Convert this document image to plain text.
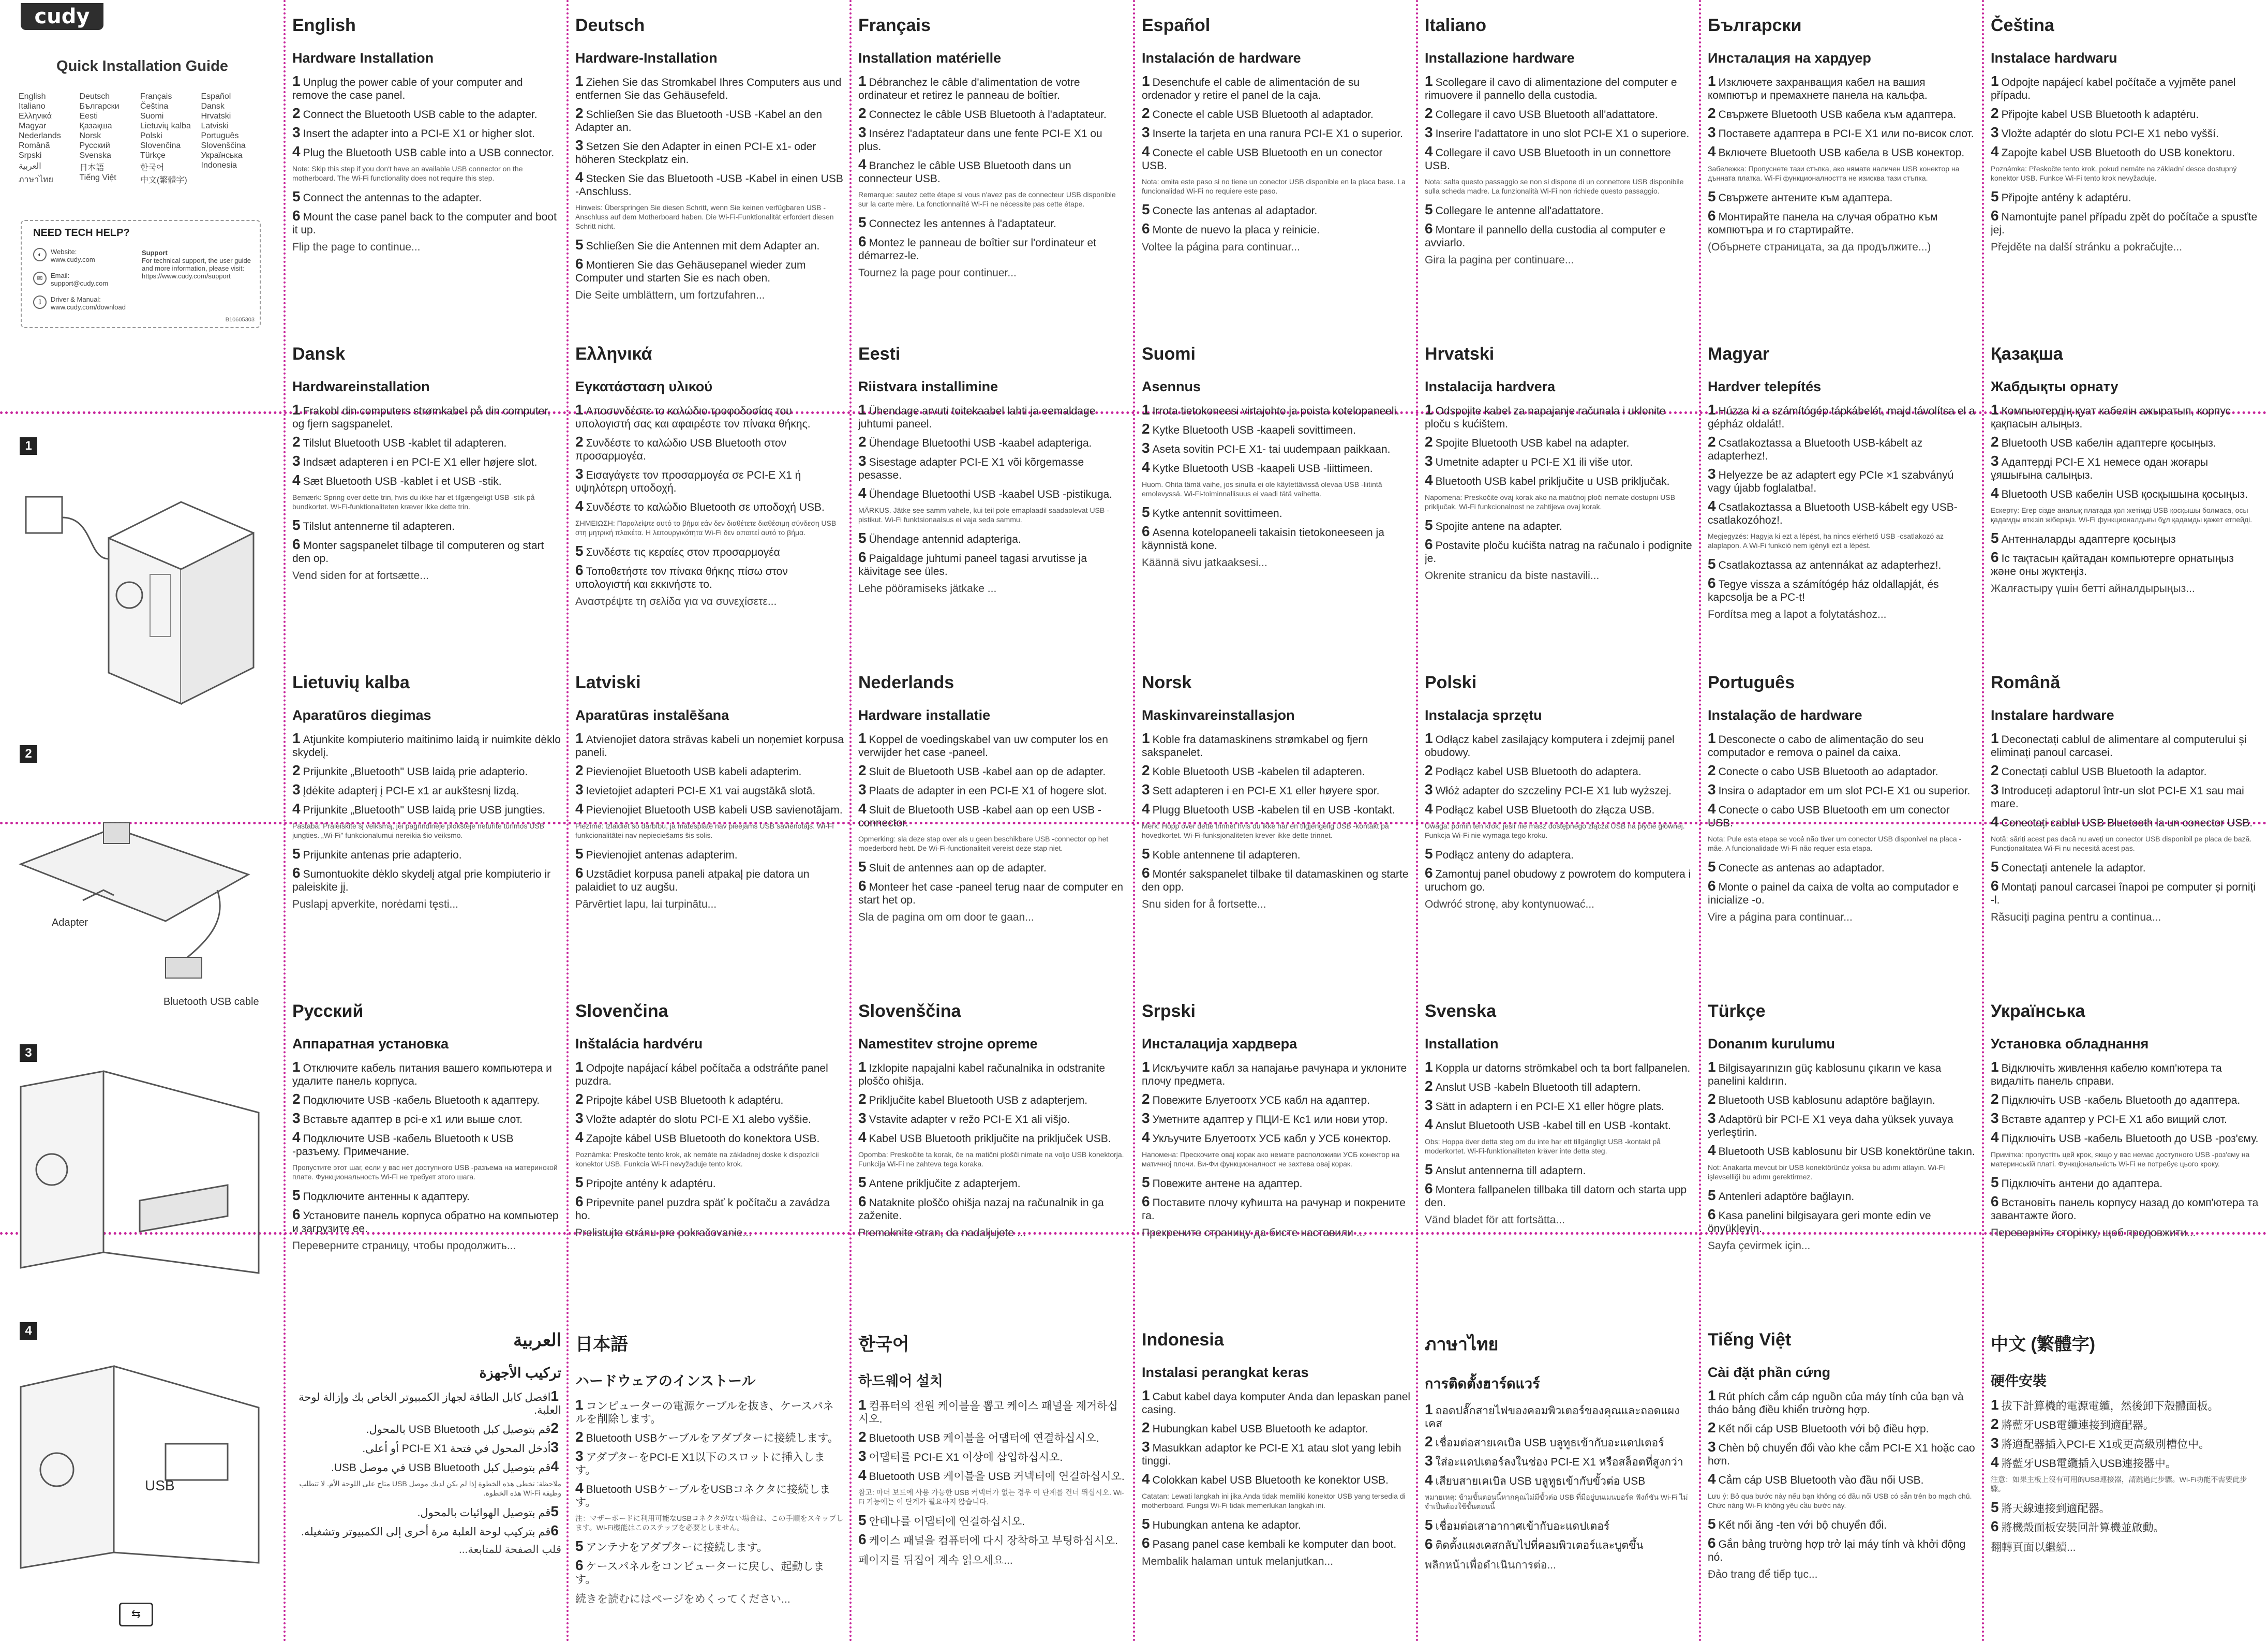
cudy
Quick Installation Guide
English	Deutsch	Français	Español
Italiano	Български	Čeština	Dansk
Ελληνικά	Eesti	Suomi	Hrvatski
Magyar	Қазақша	Lietuvių kalba	Latviski
Nederlands	Norsk	Polski	Português
Română	Русский	Slovenčina	Slovenščina
Srpski	Svenska	Türkçe	Українська
العربية	日本語	한국어	Indonesia
ภาษาไทย	Tiếng Việt	中文(繁體字)
NEED TECH HELP?
◐	Website:
www.cudy.com
✉	Email:
support@cudy.com
⇩	Driver & Manual:
www.cudy.com/download
Support
For technical support, the user guide and more information, please visit: https://www.cudy.com/support
B10605303
1
2
Adapter
Bluetooth USB cable
3
4
USB
⇆
English
Hardware Installation
1 Unplug the power cable of your computer and remove the case panel.
2 Connect the Bluetooth USB cable to the adapter.
3 Insert the adapter into a PCI-E X1 or higher slot.
4 Plug the Bluetooth USB cable into a USB connector.
Note: Skip this step if you don't have an available USB connector on the motherboard. The Wi-Fi functionality does not require this step.
5 Connect the antennas to the adapter.
6 Mount the case panel back to the computer and boot it up.
Flip the page to continue...
Deutsch
Hardware-Installation
1 Ziehen Sie das Stromkabel Ihres Computers aus und entfernen Sie das Gehäusefeld.
2 Schließen Sie das Bluetooth -USB -Kabel an den Adapter an.
3 Setzen Sie den Adapter in einen PCI-E x1- oder höheren Steckplatz ein.
4 Stecken Sie das Bluetooth -USB -Kabel in einen USB -Anschluss.
Hinweis: Überspringen Sie diesen Schritt, wenn Sie keinen verfügbaren USB -Anschluss auf dem Motherboard haben. Die Wi-Fi-Funktionalität erfordert diesen Schritt nicht.
5 Schließen Sie die Antennen mit dem Adapter an.
6 Montieren Sie das Gehäusepanel wieder zum Computer und starten Sie es nach oben.
Die Seite umblättern, um fortzufahren...
Français
Installation matérielle
1 Débranchez le câble d'alimentation de votre ordinateur et retirez le panneau de boîtier.
2 Connectez le câble USB Bluetooth à l'adaptateur.
3 Insérez l'adaptateur dans une fente PCI-E X1 ou plus.
4 Branchez le câble USB Bluetooth dans un connecteur USB.
Remarque: sautez cette étape si vous n'avez pas de connecteur USB disponible sur la carte mère. La fonctionnalité Wi-Fi ne nécessite pas cette étape.
5 Connectez les antennes à l'adaptateur.
6 Montez le panneau de boîtier sur l'ordinateur et démarrez-le.
Tournez la page pour continuer...
Español
Instalación de hardware
1 Desenchufe el cable de alimentación de su ordenador y retire el panel de la caja.
2 Conecte el cable USB Bluetooth al adaptador.
3 Inserte la tarjeta en una ranura PCI-E X1 o superior.
4 Conecte el cable USB Bluetooth en un conector USB.
Nota: omita este paso si no tiene un conector USB disponible en la placa base. La funcionalidad Wi-Fi no requiere este paso.
5 Conecte las antenas al adaptador.
6 Monte de nuevo la placa y reinicie.
Voltee la página para continuar...
Italiano
Installazione hardware
1 Scollegare il cavo di alimentazione del computer e rimuovere il pannello della custodia.
2 Collegare il cavo USB Bluetooth all'adattatore.
3 Inserire l'adattatore in uno slot PCI-E X1 o superiore.
4 Collegare il cavo USB Bluetooth in un connettore USB.
Nota: salta questo passaggio se non si dispone di un connettore USB disponibile sulla scheda madre. La funzionalità Wi-Fi non richiede questo passaggio.
5 Collegare le antenne all'adattatore.
6 Montare il pannello della custodia al computer e avviarlo.
Gira la pagina per continuare...
Български
Инсталация на хардуер
1 Изключете захранващия кабел на вашия компютър и премахнете панела на кальфа.
2 Свържете Bluetooth USB кабела към адаптера.
3 Поставете адаптера в PCI-E X1 или по-висок слот.
4 Включете Bluetooth USB кабела в USB конектор.
Забележка: Пропуснете тази стъпка, ако нямате наличен USB конектор на дънната платка. Wi-Fi функционалността не изисква тази стъпка.
5 Свържете антените към адаптера.
6 Монтирайте панела на случая обратно към компютъра и го стартирайте.
(Обърнете страницата, за да продължите...)
Čeština
Instalace hardwaru
1 Odpojte napájecí kabel počítače a vyjměte panel případu.
2 Připojte kabel USB Bluetooth k adaptéru.
3 Vložte adaptér do slotu PCI-E X1 nebo vyšší.
4 Zapojte kabel USB Bluetooth do USB konektoru.
Poznámka: Přeskočte tento krok, pokud nemáte na základní desce dostupný konektor USB. Funkce Wi-Fi tento krok nevyžaduje.
5 Připojte antény k adaptéru.
6 Namontujte panel případu zpět do počítače a spusťte jej.
Přejděte na další stránku a pokračujte...
Dansk
Hardwareinstallation
1 Frakobl din computers strømkabel på din computer, og fjern sagspanelet.
2 Tilslut Bluetooth USB -kablet til adapteren.
3 Indsæt adapteren i en PCI-E X1 eller højere slot.
4 Sæt Bluetooth USB -kablet i et USB -stik.
Bemærk: Spring over dette trin, hvis du ikke har et tilgængeligt USB -stik på bundkortet. Wi-Fi-funktionaliteten kræver ikke dette trin.
5 Tilslut antennerne til adapteren.
6 Monter sagspanelet tilbage til computeren og start den op.
Vend siden for at fortsætte...
Ελληνικά
Εγκατάσταση υλικού
1 Αποσυνδέστε το καλώδιο τροφοδοσίας του υπολογιστή σας και αφαιρέστε τον πίνακα θήκης.
2 Συνδέστε το καλώδιο USB Bluetooth στον προσαρμογέα.
3 Εισαγάγετε τον προσαρμογέα σε PCI-E X1 ή υψηλότερη υποδοχή.
4 Συνδέστε το καλώδιο Bluetooth σε υποδοχή USB.
ΣΗΜΕΙΩΣΗ: Παραλείψτε αυτό το βήμα εάν δεν διαθέτετε διαθέσιμη σύνδεση USB στη μητρική πλακέτα. Η λειτουργικότητα Wi-Fi δεν απαιτεί αυτό το βήμα.
5 Συνδέστε τις κεραίες στον προσαρμογέα
6 Τοποθετήστε τον πίνακα θήκης πίσω στον υπολογιστή και εκκινήστε το.
Αναστρέψτε τη σελίδα για να συνεχίσετε...
Eesti
Riistvara installimine
1 Ühendage arvuti toitekaabel lahti ja eemaldage juhtumi paneel.
2 Ühendage Bluetoothi USB -kaabel adapteriga.
3 Sisestage adapter PCI-E X1 või kõrgemasse pesasse.
4 Ühendage Bluetoothi USB -kaabel USB -pistikuga.
MÄRKUS. Jätke see samm vahele, kui teil pole emaplaadil saadaolevat USB -pistikut. Wi-Fi funktsionaalsus ei vaja seda sammu.
5 Ühendage antennid adapteriga.
6 Paigaldage juhtumi paneel tagasi arvutisse ja käivitage see üles.
Lehe pööramiseks jätkake ...
Suomi
Asennus
1 Irrota tietokoneesi virtajohto ja poista kotelopaneeli.
2 Kytke Bluetooth USB -kaapeli sovittimeen.
3 Aseta sovitin PCI-E X1- tai uudempaan paikkaan.
4 Kytke Bluetooth USB -kaapeli USB -liittimeen.
Huom. Ohita tämä vaihe, jos sinulla ei ole käytettävissä olevaa USB -liitintä emolevyssä. Wi-Fi-toiminnallisuus ei vaadi tätä vaihetta.
5 Kytke antennit sovittimeen.
6 Asenna kotelopaneeli takaisin tietokoneeseen ja käynnistä kone.
Käännä sivu jatkaaksesi...
Hrvatski
Instalacija hardvera
1 Odspojite kabel za napajanje računala i uklonite ploču s kućištem.
2 Spojite Bluetooth USB kabel na adapter.
3 Umetnite adapter u PCI-E X1 ili više utor.
4 Bluetooth USB kabel priključite u USB priključak.
Napomena: Preskočite ovaj korak ako na matičnoj ploči nemate dostupni USB priključak. Wi-Fi funkcionalnost ne zahtijeva ovaj korak.
5 Spojite antene na adapter.
6 Postavite ploču kućišta natrag na računalo i podignite je.
Okrenite stranicu da biste nastavili...
Magyar
Hardver telepítés
1 Húzza ki a számítógép tápkábelét, majd távolítsa el a gépház oldalát!.
2 Csatlakoztassa a Bluetooth USB-kábelt az adapterhez!.
3 Helyezze be az adaptert egy PCIe ×1 szabványú vagy újabb foglalatba!.
4 Csatlakoztassa a Bluetooth USB-kábelt egy USB-csatlakozóhoz!.
Megjegyzés: Hagyja ki ezt a lépést, ha nincs elérhető USB -csatlakozó az alaplapon. A Wi-Fi funkció nem igényli ezt a lépést.
5 Csatlakoztassa az antennákat az adapterhez!.
6 Tegye vissza a számítógép ház oldallapját, és kapcsolja be a PC-t!
Fordítsa meg a lapot a folytatáshoz...
Қазақша
Жабдықты орнату
1 Компьютердің қуат кабелін ажыратып, корпус қақпасын алыңыз.
2 Bluetooth USB кабелін адаптерге қосыңыз.
3 Адаптерді PCI-E X1 немесе одан жоғары ұяшығына салыңыз.
4 Bluetooth USB кабелін USB қосқышына қосыңыз.
Ескерту: Егер сізде аналық платада қол жетімді USB қосқышы болмаса, осы қадамды өткізіп жіберіңіз. Wi-Fi функционалдығы бұл қадамды қажет етпейді.
5 Антенналарды адаптерге қосыңыз
6 Іс тақтасын қайтадан компьютерге орнатыңыз және оны жүктеңіз.
Жалғастыру үшін бетті айналдырыңыз...
Lietuvių kalba
Aparatūros diegimas
1 Atjunkite kompiuterio maitinimo laidą ir nuimkite dėklo skydelį.
2 Prijunkite „Bluetooth" USB laidą prie adapterio.
3 Įdėkite adapterį į PCI-E x1 ar aukštesnį lizdą.
4 Prijunkite „Bluetooth" USB laidą prie USB jungties.
Pastaba: Praleiskite šį veiksmą, jei pagrindinėje plokštėje neturite turimos USB jungties. „Wi-Fi" funkcionalumui nereikia šio veiksmo.
5 Prijunkite antenas prie adapterio.
6 Sumontuokite dėklo skydelį atgal prie kompiuterio ir paleiskite jį.
Puslapį apverkite, norėdami tęsti...
Latviski
Aparatūras instalēšana
1 Atvienojiet datora strāvas kabeli un noņemiet korpusa paneli.
2 Pievienojiet Bluetooth USB kabeli adapterim.
3 Ievietojiet adapteri PCI-E X1 vai augstākā slotā.
4 Pievienojiet Bluetooth USB kabeli USB savienotājam.
Piezīme: izlaidiet šo darbību, ja mātesplatē nav pieejams USB savienotājs. Wi-Fi funkcionalitātei nav nepieciešams šis solis.
5 Pievienojiet antenas adapterim.
6 Uzstādiet korpusa paneli atpakaļ pie datora un palaidiet to uz augšu.
Pārvērtiet lapu, lai turpinātu...
Nederlands
Hardware installatie
1 Koppel de voedingskabel van uw computer los en verwijder het case -paneel.
2 Sluit de Bluetooth USB -kabel aan op de adapter.
3 Plaats de adapter in een PCI-E X1 of hogere slot.
4 Sluit de Bluetooth USB -kabel aan op een USB -connector.
Opmerking: sla deze stap over als u geen beschikbare USB -connector op het moederbord hebt. De Wi-Fi-functionaliteit vereist deze stap niet.
5 Sluit de antennes aan op de adapter.
6 Monteer het case -paneel terug naar de computer en start het op.
Sla de pagina om om door te gaan...
Norsk
Maskinvareinstallasjon
1 Koble fra datamaskinens strømkabel og fjern sakspanelet.
2 Koble Bluetooth USB -kabelen til adapteren.
3 Sett adapteren i en PCI-E X1 eller høyere spor.
4 Plugg Bluetooth USB -kabelen til en USB -kontakt.
Merk: Hopp over dette trinnet hvis du ikke har en tilgjengelig USB -kontakt på hovedkortet. Wi-Fi-funksjonaliteten krever ikke dette trinnet.
5 Koble antennene til adapteren.
6 Montér sakspanelet tilbake til datamaskinen og starte den opp.
Snu siden for å fortsette...
Polski
Instalacja sprzętu
1 Odłącz kabel zasilający komputera i zdejmij panel obudowy.
2 Podłącz kabel USB Bluetooth do adaptera.
3 Włóż adapter do szczeliny PCI-E X1 lub wyższej.
4 Podłącz kabel USB Bluetooth do złącza USB.
Uwaga: pomiń ten krok, jeśli nie masz dostępnego złącza USB na płycie głównej. Funkcja Wi-Fi nie wymaga tego kroku.
5 Podłącz anteny do adaptera.
6 Zamontuj panel obudowy z powrotem do komputera i uruchom go.
Odwróć stronę, aby kontynuować...
Português
Instalação de hardware
1 Desconecte o cabo de alimentação do seu computador e remova o painel da caixa.
2 Conecte o cabo USB Bluetooth ao adaptador.
3 Insira o adaptador em um slot PCI-E X1 ou superior.
4 Conecte o cabo USB Bluetooth em um conector USB.
Nota: Pule esta etapa se você não tiver um conector USB disponível na placa -mãe. A funcionalidade Wi-Fi não requer esta etapa.
5 Conecte as antenas ao adaptador.
6 Monte o painel da caixa de volta ao computador e inicialize -o.
Vire a página para continuar...
Română
Instalare hardware
1 Deconectați cablul de alimentare al computerului și eliminați panoul carcasei.
2 Conectați cablul USB Bluetooth la adaptor.
3 Introduceți adaptorul într-un slot PCI-E X1 sau mai mare.
4 Conectați cablul USB Bluetooth la un conector USB.
Notă: săriți acest pas dacă nu aveți un conector USB disponibil pe placa de bază. Funcționalitatea Wi-Fi nu necesită acest pas.
5 Conectați antenele la adaptor.
6 Montați panoul carcasei înapoi pe computer și porniți -l.
Răsuciți pagina pentru a continua...
Русский
Аппаратная установка
1 Отключите кабель питания вашего компьютера и удалите панель корпуса.
2 Подключите USB -кабель Bluetooth к адаптеру.
3 Вставьте адаптер в pci-e x1 или выше слот.
4 Подключите USB -кабель Bluetooth к USB -разъему. Примечание.
Пропустите этот шаг, если у вас нет доступного USB -разъема на материнской плате. Функциональность Wi-Fi не требует этого шага.
5 Подключите антенны к адаптеру.
6 Установите панель корпуса обратно на компьютер и загрузите ее.
Переверните страницу, чтобы продолжить...
Slovenčina
Inštalácia hardvéru
1 Odpojte napájací kábel počítača a odstráňte panel puzdra.
2 Pripojte kábel USB Bluetooth k adaptéru.
3 Vložte adaptér do slotu PCI-E X1 alebo vyššie.
4 Zapojte kábel USB Bluetooth do konektora USB.
Poznámka: Preskočte tento krok, ak nemáte na základnej doske k dispozícii konektor USB. Funkcia Wi-Fi nevyžaduje tento krok.
5 Pripojte antény k adaptéru.
6 Pripevnite panel puzdra späť k počítaču a zavádza ho.
Prelistujte stránu pre pokračovanie...
Slovenščina
Namestitev strojne opreme
1 Izklopite napajalni kabel računalnika in odstranite ploščo ohišja.
2 Priključite kabel Bluetooth USB z adapterjem.
3 Vstavite adapter v režo PCI-E X1 ali višjo.
4 Kabel USB Bluetooth priključite na priključek USB.
Opomba: Preskočite ta korak, če na matični plošči nimate na voljo USB konektorja. Funkcija Wi-Fi ne zahteva tega koraka.
5 Antene priključite z adapterjem.
6 Nataknite ploščo ohišja nazaj na računalnik in ga zaženite.
Premaknite stran, da nadaljujete ...
Srpski
Инсталација хардвера
1 Искључите кабл за напајање рачунара и уклоните плочу предмета.
2 Повежите Блуетоотх УСБ кабл на адаптер.
3 Уметните адаптер у ПЦИ-Е Кс1 или нови утор.
4 Укључите Блуетоотх УСБ кабл у УСБ конектор.
Напомена: Прескочите овај корак ако немате расположиви УСБ конектор на матичној плочи. Ви-Фи функционалност не захтева овај корак.
5 Повежите антене на адаптер.
6 Поставите плочу кућишта на рачунар и покрените га.
Прекрените страницу да бисте наставили ...
Svenska
Installation
1 Koppla ur datorns strömkabel och ta bort fallpanelen.
2 Anslut USB -kabeln Bluetooth till adaptern.
3 Sätt in adaptern i en PCI-E X1 eller högre plats.
4 Anslut Bluetooth USB -kabel till en USB -kontakt.
Obs: Hoppa över detta steg om du inte har ett tillgängligt USB -kontakt på moderkortet. Wi-Fi-funktionaliteten kräver inte detta steg.
5 Anslut antennerna till adaptern.
6 Montera fallpanelen tillbaka till datorn och starta upp den.
Vänd bladet för att fortsätta...
Türkçe
Donanım kurulumu
1 Bilgisayarınızın güç kablosunu çıkarın ve kasa panelini kaldırın.
2 Bluetooth USB kablosunu adaptöre bağlayın.
3 Adaptörü bir PCI-E X1 veya daha yüksek yuvaya yerleştirin.
4 Bluetooth USB kablosunu bir USB konektörüne takın.
Not: Anakarta mevcut bir USB konektörünüz yoksa bu adımı atlayın. Wi-Fi işlevselliği bu adımı gerektirmez.
5 Antenleri adaptöre bağlayın.
6 Kasa panelini bilgisayara geri monte edin ve önyükleyin.
Sayfa çevirmek için...
Українська
Установка обладнання
1 Відключіть живлення кабелю комп'ютера та видаліть панель справи.
2 Підключіть USB -кабель Bluetooth до адаптера.
3 Вставте адаптер у PCI-E X1 або вищий слот.
4 Підключіть USB -кабель Bluetooth до USB -роз'єму.
Примітка: пропустіть цей крок, якщо у вас немає доступного USB -роз'єму на материнській платі. Функціональність Wi-Fi не потребує цього кроку.
5 Підключіть антени до адаптера.
6 Встановіть панель корпусу назад до комп'ютера та завантажте його.
Переверніть сторінку, щоб продовжити...
العربية
تركيب الأجهزة
1افصل كابل الطاقة لجهاز الكمبيوتر الخاص بك وإزالة لوحة العلبة.
2قم بتوصيل كبل USB Bluetooth بالمحول.
3أدخل المحول في فتحة PCI-E X1 أو أعلى.
4قم بتوصيل كبل USB Bluetooth في موصل USB.
ملاحظة: تخطى هذه الخطوة إذا لم يكن لديك موصل USB متاح على اللوحة الأم. لا تتطلب وظيفة Wi-Fi هذه الخطوة.
5قم بتوصيل الهوائيات بالمحول.
6قم بتركيب لوحة العلبة مرة أخرى إلى الكمبيوتر وتشغيله.
قلب الصفحة للمتابعة...
日本語
ハードウェアのインストール
1 コンピューターの電源ケーブルを抜き、ケースパネルを削除します。
2 Bluetooth USBケーブルをアダプターに接続します。
3 アダプターをPCI-E X1以下のスロットに挿入します。
4 Bluetooth USBケーブルをUSBコネクタに接続します。
注：マザーボードに利用可能なUSBコネクタがない場合は、この手順をスキップします。Wi-Fi機能はこのステップを必要としません。
5 アンテナをアダプターに接続します。
6 ケースパネルをコンピューターに戻し、起動します。
続きを読むにはページをめくってください...
한국어
하드웨어 설치
1 컴퓨터의 전원 케이블을 뽑고 케이스 패널을 제거하십시오.
2 Bluetooth USB 케이블을 어댑터에 연결하십시오.
3 어댑터를 PCI-E X1 이상에 삽입하십시오.
4 Bluetooth USB 케이블을 USB 커넥터에 연결하십시오.
참고: 마더 보드에 사용 가능한 USB 커넥터가 없는 경우 이 단계를 건너 뛰십시오. Wi-Fi 기능에는 이 단계가 필요하지 않습니다.
5 안테나를 어댑터에 연결하십시오.
6 케이스 패널을 컴퓨터에 다시 장착하고 부팅하십시오.
페이지를 뒤집어 계속 읽으세요...
Indonesia
Instalasi perangkat keras
1 Cabut kabel daya komputer Anda dan lepaskan panel casing.
2 Hubungkan kabel USB Bluetooth ke adaptor.
3 Masukkan adaptor ke PCI-E X1 atau slot yang lebih tinggi.
4 Colokkan kabel USB Bluetooth ke konektor USB.
Catatan: Lewati langkah ini jika Anda tidak memiliki konektor USB yang tersedia di motherboard. Fungsi Wi-Fi tidak memerlukan langkah ini.
5 Hubungkan antena ke adaptor.
6 Pasang panel case kembali ke komputer dan boot.
Membalik halaman untuk melanjutkan...
ภาษาไทย
การติดตั้งฮาร์ดแวร์
1 ถอดปลั๊กสายไฟของคอมพิวเตอร์ของคุณและถอดแผงเคส
2 เชื่อมต่อสายเคเบิล USB บลูทูธเข้ากับอะแดปเตอร์
3 ใส่อะแดปเตอร์ลงในช่อง PCI-E X1 หรือสล็อตที่สูงกว่า
4 เสียบสายเคเบิล USB บลูทูธเข้ากับขั้วต่อ USB
หมายเหตุ: ข้ามขั้นตอนนี้หากคุณไม่มีขั้วต่อ USB ที่มีอยู่บนเมนบอร์ด ฟังก์ชัน Wi-Fi ไม่จำเป็นต้องใช้ขั้นตอนนี้
5 เชื่อมต่อเสาอากาศเข้ากับอะแดปเตอร์
6 ติดตั้งแผงเคสกลับไปที่คอมพิวเตอร์และบูตขึ้น
พลิกหน้าเพื่อดำเนินการต่อ...
Tiếng Việt
Cài đặt phần cứng
1 Rút phích cắm cáp nguồn của máy tính của bạn và tháo bảng điều khiển trường hợp.
2 Kết nối cáp USB Bluetooth với bộ điều hợp.
3 Chèn bộ chuyển đổi vào khe cắm PCI-E X1 hoặc cao hơn.
4 Cắm cáp USB Bluetooth vào đầu nối USB.
Lưu ý: Bỏ qua bước này nếu bạn không có đầu nối USB có sẵn trên bo mạch chủ. Chức năng Wi-Fi không yêu cầu bước này.
5 Kết nối ăng -ten với bộ chuyển đổi.
6 Gắn bảng trường hợp trở lại máy tính và khởi động nó.
Đảo trang để tiếp tục...
中文 (繁體字)
硬件安裝
1 拔下計算機的電源電纜，然後卸下殼體面板。
2 將藍牙USB電纜連接到適配器。
3 將適配器插入PCI-E X1或更高級別槽位中。
4 將藍牙USB電纜插入USB連接器中。
注意：如果主板上沒有可用的USB連接器，請跳過此步驟。Wi-Fi功能不需要此步驟。
5 將天線連接到適配器。
6 將機殼面板安裝回計算機並啟動。
翻轉頁面以繼續...
